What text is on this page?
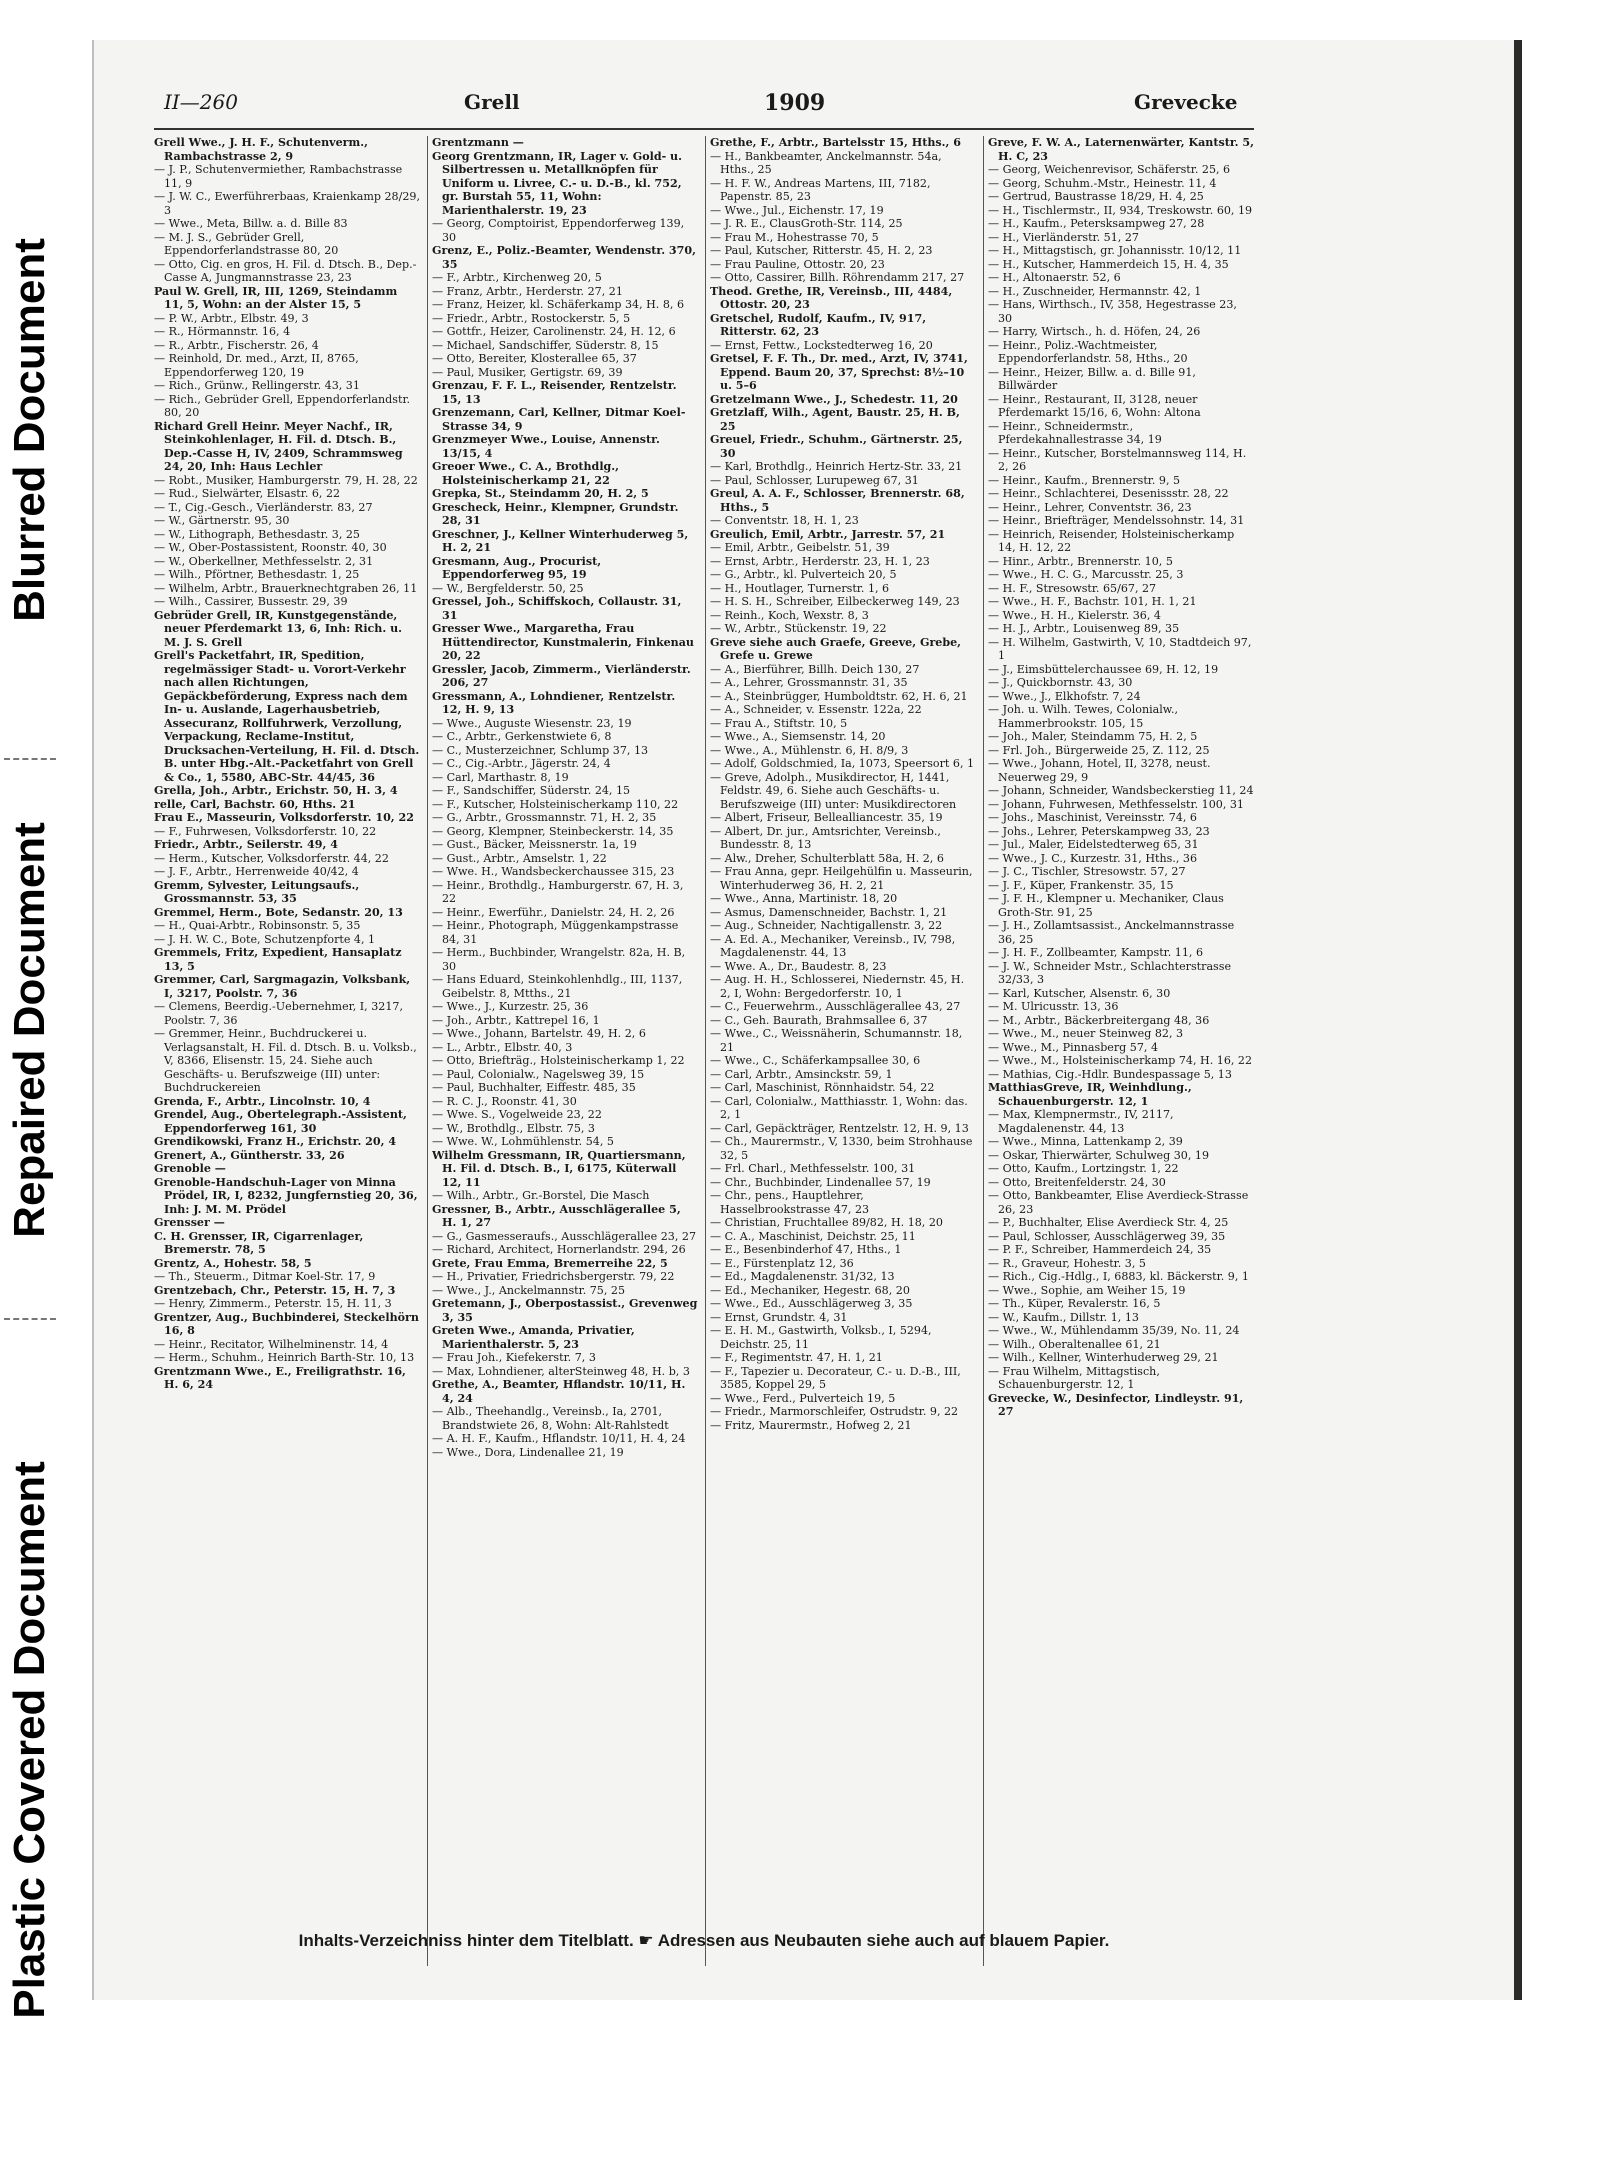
Plastic Covered Document
Repaired Document
Blurred Document
II—260	Grell	1909	Grevecke

Grell Wwe., J. H. F., Schutenverm., Rambachstrasse 2, 9

— J. P., Schutenvermiether, Rambachstrasse 11, 9

— J. W. C., Ewerführerbaas, Kraienkamp 28/29, 3

— Wwe., Meta, Billw. a. d. Bille 83

— M. J. S., Gebrüder Grell, Eppendorferlandstrasse 80, 20

— Otto, Cig. en gros, H. Fil. d. Dtsch. B., Dep.-Casse A, Jungmannstrasse 23, 23

Paul W. Grell, IR, III, 1269, Steindamm 11, 5, Wohn: an der Alster 15, 5

— P. W., Arbtr., Elbstr. 49, 3

— R., Hörmannstr. 16, 4

— R., Arbtr., Fischerstr. 26, 4

— Reinhold, Dr. med., Arzt, II, 8765, Eppendorferweg 120, 19

— Rich., Grünw., Rellingerstr. 43, 31

— Rich., Gebrüder Grell, Eppendorferlandstr. 80, 20

Richard Grell Heinr. Meyer Nachf., IR, Steinkohlenlager, H. Fil. d. Dtsch. B., Dep.-Casse H, IV, 2409, Schrammsweg 24, 20, Inh: Haus Lechler

— Robt., Musiker, Hamburgerstr. 79, H. 28, 22

— Rud., Sielwärter, Elsastr. 6, 22

— T., Cig.-Gesch., Vierländerstr. 83, 27

— W., Gärtnerstr. 95, 30

— W., Lithograph, Bethesdastr. 3, 25

— W., Ober-Postassistent, Roonstr. 40, 30

— W., Oberkellner, Methfesselstr. 2, 31

— Wilh., Pförtner, Bethesdastr. 1, 25

— Wilhelm, Arbtr., Brauerknechtgraben 26, 11

— Wilh., Cassirer, Bussestr. 29, 39

Gebrüder Grell, IR, Kunstgegenstände, neuer Pferdemarkt 13, 6, Inh: Rich. u. M. J. S. Grell

Grell's Packetfahrt, IR, Spedition, regelmässiger Stadt- u. Vorort-Verkehr nach allen Richtungen, Gepäckbeförderung, Express nach dem In- u. Auslande, Lagerhausbetrieb, Assecuranz, Rollfuhrwerk, Verzollung, Verpackung, Reclame-Institut, Drucksachen-Verteilung, H. Fil. d. Dtsch. B. unter Hbg.-Alt.-Packetfahrt von Grell & Co., 1, 5580, ABC-Str. 44/45, 36

Grella, Joh., Arbtr., Erichstr. 50, H. 3, 4

relle, Carl, Bachstr. 60, Hths. 21

Frau E., Masseurin, Volksdorferstr. 10, 22

— F., Fuhrwesen, Volksdorferstr. 10, 22

Friedr., Arbtr., Seilerstr. 49, 4

— Herm., Kutscher, Volksdorferstr. 44, 22

— J. F., Arbtr., Herrenweide 40/42, 4

Gremm, Sylvester, Leitungsaufs., Grossmannstr. 53, 35

Gremmel, Herm., Bote, Sedanstr. 20, 13

— H., Quai-Arbtr., Robinsonstr. 5, 35

— J. H. W. C., Bote, Schutzenpforte 4, 1

Gremmels, Fritz, Expedient, Hansaplatz 13, 5

Gremmer, Carl, Sargmagazin, Volksbank, I, 3217, Poolstr. 7, 36

— Clemens, Beerdig.-Uebernehmer, I, 3217, Poolstr. 7, 36

— Gremmer, Heinr., Buchdruckerei u. Verlagsanstalt, H. Fil. d. Dtsch. B. u. Volksb., V, 8366, Elisenstr. 15, 24. Siehe auch Geschäfts- u. Berufszweige (III) unter: Buchdruckereien

Grenda, F., Arbtr., Lincolnstr. 10, 4

Grendel, Aug., Obertelegraph.-Assistent, Eppendorferweg 161, 30

Grendikowski, Franz H., Erichstr. 20, 4

Grenert, A., Güntherstr. 33, 26

Grenoble —

Grenoble-Handschuh-Lager von Minna Prödel, IR, I, 8232, Jungfernstieg 20, 36, Inh: J. M. M. Prödel

Grensser —

C. H. Grensser, IR, Cigarrenlager, Bremerstr. 78, 5

Grentz, A., Hohestr. 58, 5

— Th., Steuerm., Ditmar Koel-Str. 17, 9

Grentzebach, Chr., Peterstr. 15, H. 7, 3

— Henry, Zimmerm., Peterstr. 15, H. 11, 3

Grentzer, Aug., Buchbinderei, Steckelhörn 16, 8

— Heinr., Recitator, Wilhelminenstr. 14, 4

— Herm., Schuhm., Heinrich Barth-Str. 10, 13

Grentzmann Wwe., E., Freiligrathstr. 16, H. 6, 24

Grentzmann —

Georg Grentzmann, IR, Lager v. Gold- u. Silbertressen u. Metallknöpfen für Uniform u. Livree, C.- u. D.-B., kl. 752, gr. Burstah 55, 11, Wohn: Marienthalerstr. 19, 23

— Georg, Comptoirist, Eppendorferweg 139, 30

Grenz, E., Poliz.-Beamter, Wendenstr. 370, 35

— F., Arbtr., Kirchenweg 20, 5

— Franz, Arbtr., Herderstr. 27, 21

— Franz, Heizer, kl. Schäferkamp 34, H. 8, 6

— Friedr., Arbtr., Rostockerstr. 5, 5

— Gottfr., Heizer, Carolinenstr. 24, H. 12, 6

— Michael, Sandschiffer, Süderstr. 8, 15

— Otto, Bereiter, Klosterallee 65, 37

— Paul, Musiker, Gertigstr. 69, 39

Grenzau, F. F. L., Reisender, Rentzelstr. 15, 13

Grenzemann, Carl, Kellner, Ditmar Koel-Strasse 34, 9

Grenzmeyer Wwe., Louise, Annenstr. 13/15, 4

Greoer Wwe., C. A., Brothdlg., Holsteinischerkamp 21, 22

Grepka, St., Steindamm 20, H. 2, 5

Grescheck, Heinr., Klempner, Grundstr. 28, 31

Greschner, J., Kellner Winterhuderweg 5, H. 2, 21

Gresmann, Aug., Procurist, Eppendorferweg 95, 19

— W., Bergfelderstr. 50, 25

Gressel, Joh., Schiffskoch, Collaustr. 31, 31

Gresser Wwe., Margaretha, Frau Hüttendirector, Kunstmalerin, Finkenau 20, 22

Gressler, Jacob, Zimmerm., Vierländerstr. 206, 27

Gressmann, A., Lohndiener, Rentzelstr. 12, H. 9, 13

— Wwe., Auguste Wiesenstr. 23, 19

— C., Arbtr., Gerkenstwiete 6, 8

— C., Musterzeichner, Schlump 37, 13

— C., Cig.-Arbtr., Jägerstr. 24, 4

— Carl, Marthastr. 8, 19

— F., Sandschiffer, Süderstr. 24, 15

— F., Kutscher, Holsteinischerkamp 110, 22

— G., Arbtr., Grossmannstr. 71, H. 2, 35

— Georg, Klempner, Steinbeckerstr. 14, 35

— Gust., Bäcker, Meissnerstr. 1a, 19

— Gust., Arbtr., Amselstr. 1, 22

— Wwe. H., Wandsbeckerchaussee 315, 23

— Heinr., Brothdlg., Hamburgerstr. 67, H. 3, 22

— Heinr., Ewerführ., Danielstr. 24, H. 2, 26

— Heinr., Photograph, Müggenkampstrasse 84, 31

— Herm., Buchbinder, Wrangelstr. 82a, H. B, 30

— Hans Eduard, Steinkohlenhdlg., III, 1137, Geibelstr. 8, Mtths., 21

— Wwe., J., Kurzestr. 25, 36

— Joh., Arbtr., Kattrepel 16, 1

— Wwe., Johann, Bartelstr. 49, H. 2, 6

— L., Arbtr., Elbstr. 40, 3

— Otto, Briefträg., Holsteinischerkamp 1, 22

— Paul, Colonialw., Nagelsweg 39, 15

— Paul, Buchhalter, Eiffestr. 485, 35

— R. C. J., Roonstr. 41, 30

— Wwe. S., Vogelweide 23, 22

— W., Brothdlg., Elbstr. 75, 3

— Wwe. W., Lohmühlenstr. 54, 5

Wilhelm Gressmann, IR, Quartiersmann, H. Fil. d. Dtsch. B., I, 6175, Küterwall 12, 11

— Wilh., Arbtr., Gr.-Borstel, Die Masch

Gressner, B., Arbtr., Ausschlägerallee 5, H. 1, 27

— G., Gasmesseraufs., Ausschlägerallee 23, 27

— Richard, Architect, Hornerlandstr. 294, 26

Grete, Frau Emma, Bremerreihe 22, 5

— H., Privatier, Friedrichsbergerstr. 79, 22

— Wwe., J., Anckelmannstr. 75, 25

Gretemann, J., Oberpostassist., Grevenweg 3, 35

Greten Wwe., Amanda, Privatier, Marienthalerstr. 5, 23

— Frau Joh., Kiefekerstr. 7, 3

— Max, Lohndiener, alterSteinweg 48, H. b, 3

Grethe, A., Beamter, Hflandstr. 10/11, H. 4, 24

— Alb., Theehandlg., Vereinsb., Ia, 2701, Brandstwiete 26, 8, Wohn: Alt-Rahlstedt

— A. H. F., Kaufm., Hflandstr. 10/11, H. 4, 24

— Wwe., Dora, Lindenallee 21, 19

Grethe, F., Arbtr., Bartelsstr 15, Hths., 6

— H., Bankbeamter, Anckelmannstr. 54a, Hths., 25

— H. F. W., Andreas Martens, III, 7182, Papenstr. 85, 23

— Wwe., Jul., Eichenstr. 17, 19

— J. R. E., ClausGroth-Str. 114, 25

— Frau M., Hohestrasse 70, 5

— Paul, Kutscher, Ritterstr. 45, H. 2, 23

— Frau Pauline, Ottostr. 20, 23

— Otto, Cassirer, Billh. Röhrendamm 217, 27

Theod. Grethe, IR, Vereinsb., III, 4484, Ottostr. 20, 23

Gretschel, Rudolf, Kaufm., IV, 917, Ritterstr. 62, 23

— Ernst, Fettw., Lockstedterweg 16, 20

Gretsel, F. F. Th., Dr. med., Arzt, IV, 3741, Eppend. Baum 20, 37, Sprechst: 8½–10 u. 5–6

Gretzelmann Wwe., J., Schedestr. 11, 20

Gretzlaff, Wilh., Agent, Baustr. 25, H. B, 25

Greuel, Friedr., Schuhm., Gärtnerstr. 25, 30

— Karl, Brothdlg., Heinrich Hertz-Str. 33, 21

— Paul, Schlosser, Lurupeweg 67, 31

Greul, A. A. F., Schlosser, Brennerstr. 68, Hths., 5

— Conventstr. 18, H. 1, 23

Greulich, Emil, Arbtr., Jarrestr. 57, 21

— Emil, Arbtr., Geibelstr. 51, 39

— Ernst, Arbtr., Herderstr. 23, H. 1, 23

— G., Arbtr., kl. Pulverteich 20, 5

— H., Houtlager, Turnerstr. 1, 6

— H. S. H., Schreiber, Eilbeckerweg 149, 23

— Reinh., Koch, Wexstr. 8, 3

— W., Arbtr., Stückenstr. 19, 22

Greve siehe auch Graefe, Greeve, Grebe, Grefe u. Grewe

— A., Bierführer, Billh. Deich 130, 27

— A., Lehrer, Grossmannstr. 31, 35

— A., Steinbrügger, Humboldtstr. 62, H. 6, 21

— A., Schneider, v. Essenstr. 122a, 22

— Frau A., Stiftstr. 10, 5

— Wwe., A., Siemsenstr. 14, 20

— Wwe., A., Mühlenstr. 6, H. 8/9, 3

— Adolf, Goldschmied, Ia, 1073, Speersort 6, 1

— Greve, Adolph., Musikdirector, H, 1441, Feldstr. 49, 6. Siehe auch Geschäfts- u. Berufszweige (III) unter: Musikdirectoren

— Albert, Friseur, Bellealliancestr. 35, 19

— Albert, Dr. jur., Amtsrichter, Vereinsb., Bundesstr. 8, 13

— Alw., Dreher, Schulterblatt 58a, H. 2, 6

— Frau Anna, gepr. Heilgehülfin u. Masseurin, Winterhuderweg 36, H. 2, 21

— Wwe., Anna, Martinistr. 18, 20

— Asmus, Damenschneider, Bachstr. 1, 21

— Aug., Schneider, Nachtigallenstr. 3, 22

— A. Ed. A., Mechaniker, Vereinsb., IV, 798, Magdalenenstr. 44, 13

— Wwe. A., Dr., Baudestr. 8, 23

— Aug. H. H., Schlosserei, Niedernstr. 45, H. 2, I, Wohn: Bergedorferstr. 10, 1

— C., Feuerwehrm., Ausschlägerallee 43, 27

— C., Geh. Baurath, Brahmsallee 6, 37

— Wwe., C., Weissnäherin, Schumannstr. 18, 21

— Wwe., C., Schäferkampsallee 30, 6

— Carl, Arbtr., Amsinckstr. 59, 1

— Carl, Maschinist, Rönnhaidstr. 54, 22

— Carl, Colonialw., Matthiasstr. 1, Wohn: das. 2, 1

— Carl, Gepäckträger, Rentzelstr. 12, H. 9, 13

— Ch., Maurermstr., V, 1330, beim Strohhause 32, 5

— Frl. Charl., Methfesselstr. 100, 31

— Chr., Buchbinder, Lindenallee 57, 19

— Chr., pens., Hauptlehrer, Hasselbrookstrasse 47, 23

— Christian, Fruchtallee 89/82, H. 18, 20

— C. A., Maschinist, Deichstr. 25, 11

— E., Besenbinderhof 47, Hths., 1

— E., Fürstenplatz 12, 36

— Ed., Magdalenenstr. 31/32, 13

— Ed., Mechaniker, Hegestr. 68, 20

— Wwe., Ed., Ausschlägerweg 3, 35

— Ernst, Grundstr. 4, 31

— E. H. M., Gastwirth, Volksb., I, 5294, Deichstr. 25, 11

— F., Regimentstr. 47, H. 1, 21

— F., Tapezier u. Decorateur, C.- u. D.-B., III, 3585, Koppel 29, 5

— Wwe., Ferd., Pulverteich 19, 5

— Friedr., Marmorschleifer, Ostrudstr. 9, 22

— Fritz, Maurermstr., Hofweg 2, 21

Greve, F. W. A., Laternenwärter, Kantstr. 5, H. C, 23

— Georg, Weichenrevisor, Schäferstr. 25, 6

— Georg, Schuhm.-Mstr., Heinestr. 11, 4

— Gertrud, Baustrasse 18/29, H. 4, 25

— H., Tischlermstr., II, 934, Treskowstr. 60, 19

— H., Kaufm., Petersksampweg 27, 28

— H., Vierländerstr. 51, 27

— H., Mittagstisch, gr. Johannisstr. 10/12, 11

— H., Kutscher, Hammerdeich 15, H. 4, 35

— H., Altonaerstr. 52, 6

— H., Zuschneider, Hermannstr. 42, 1

— Hans, Wirthsch., IV, 358, Hegestrasse 23, 30

— Harry, Wirtsch., h. d. Höfen, 24, 26

— Heinr., Poliz.-Wachtmeister, Eppendorferlandstr. 58, Hths., 20

— Heinr., Heizer, Billw. a. d. Bille 91, Billwärder

— Heinr., Restaurant, II, 3128, neuer Pferdemarkt 15/16, 6, Wohn: Altona

— Heinr., Schneidermstr., Pferdekahnallestrasse 34, 19

— Heinr., Kutscher, Borstelmannsweg 114, H. 2, 26

— Heinr., Kaufm., Brennerstr. 9, 5

— Heinr., Schlachterei, Desenissstr. 28, 22

— Heinr., Lehrer, Conventstr. 36, 23

— Heinr., Briefträger, Mendelssohnstr. 14, 31

— Heinrich, Reisender, Holsteinischerkamp 14, H. 12, 22

— Hinr., Arbtr., Brennerstr. 10, 5

— Wwe., H. C. G., Marcusstr. 25, 3

— H. F., Stresowstr. 65/67, 27

— Wwe., H. F., Bachstr. 101, H. 1, 21

— Wwe., H. H., Kielerstr. 36, 4

— H. J., Arbtr., Louisenweg 89, 35

— H. Wilhelm, Gastwirth, V, 10, Stadtdeich 97, 1

— J., Eimsbüttelerchaussee 69, H. 12, 19

— J., Quickbornstr. 43, 30

— Wwe., J., Elkhofstr. 7, 24

— Joh. u. Wilh. Tewes, Colonialw., Hammerbrookstr. 105, 15

— Joh., Maler, Steindamm 75, H. 2, 5

— Frl. Joh., Bürgerweide 25, Z. 112, 25

— Wwe., Johann, Hotel, II, 3278, neust. Neuerweg 29, 9

— Johann, Schneider, Wandsbeckerstieg 11, 24

— Johann, Fuhrwesen, Methfesselstr. 100, 31

— Johs., Maschinist, Vereinsstr. 74, 6

— Johs., Lehrer, Peterskampweg 33, 23

— Jul., Maler, Eidelstedterweg 65, 31

— Wwe., J. C., Kurzestr. 31, Hths., 36

— J. C., Tischler, Stresowstr. 57, 27

— J. F., Küper, Frankenstr. 35, 15

— J. F. H., Klempner u. Mechaniker, Claus Groth-Str. 91, 25

— J. H., Zollamtsassist., Anckelmannstrasse 36, 25

— J. H. F., Zollbeamter, Kampstr. 11, 6

— J. W., Schneider Mstr., Schlachterstrasse 32/33, 3

— Karl, Kutscher, Alsenstr. 6, 30

— M. Ulricusstr. 13, 36

— M., Arbtr., Bäckerbreitergang 48, 36

— Wwe., M., neuer Steinweg 82, 3

— Wwe., M., Pinnasberg 57, 4

— Wwe., M., Holsteinischerkamp 74, H. 16, 22

— Mathias, Cig.-Hdlr. Bundespassage 5, 13

MatthiasGreve, IR, Weinhdlung., Schauenburgerstr. 12, 1

— Max, Klempnermstr., IV, 2117, Magdalenenstr. 44, 13

— Wwe., Minna, Lattenkamp 2, 39

— Oskar, Thierwärter, Schulweg 30, 19

— Otto, Kaufm., Lortzingstr. 1, 22

— Otto, Breitenfelderstr. 24, 30

— Otto, Bankbeamter, Elise Averdieck-Strasse 26, 23

— P., Buchhalter, Elise Averdieck Str. 4, 25

— Paul, Schlosser, Ausschlägerweg 39, 35

— P. F., Schreiber, Hammerdeich 24, 35

— R., Graveur, Hohestr. 3, 5

— Rich., Cig.-Hdlg., I, 6883, kl. Bäckerstr. 9, 1

— Wwe., Sophie, am Weiher 15, 19

— Th., Küper, Revalerstr. 16, 5

— W., Kaufm., Dillstr. 1, 13

— Wwe., W., Mühlendamm 35/39, No. 11, 24

— Wilh., Oberaltenallee 61, 21

— Wilh., Kellner, Winterhuderweg 29, 21

— Frau Wilhelm, Mittagstisch, Schauenburgerstr. 12, 1

Grevecke, W., Desinfector, Lindleystr. 91, 27

Inhalts-Verzeichniss hinter dem Titelblatt. ☛ Adressen aus Neubauten siehe auch auf blauem Papier.
